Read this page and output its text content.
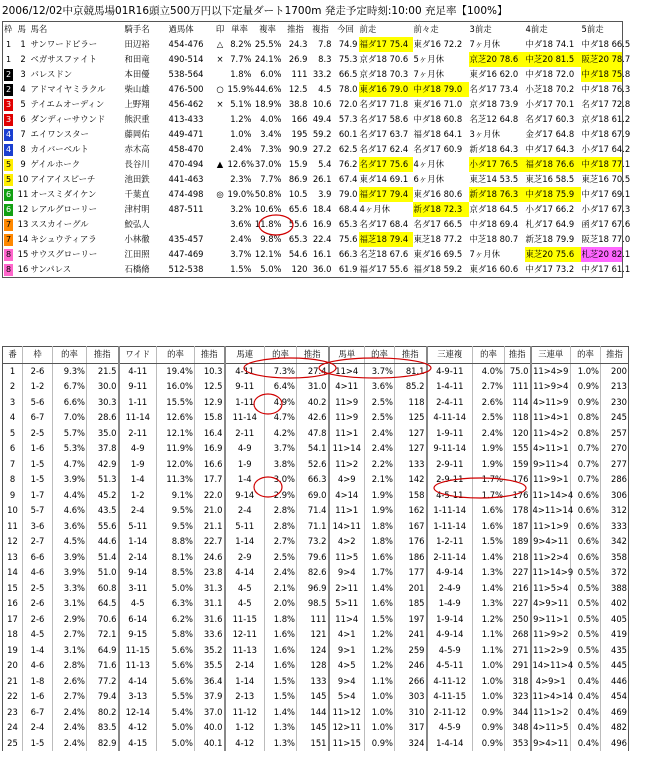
2006/12/02中京競馬場01R16頭立500万円以下定量ダート1700m 発走予定時刻:10:00 充足率【100%】
枠	馬	馬名	騎手名	過馬体	印	単率	複率	推指	複指	今回	前走	前々走	3前走	4前走	5前走
1	1	サンワードピラー	田辺裕	454-476	△	8.2%	25.5%	24.3	7.8	74.9	福ダ17 75.4	東ダ16 72.2	7ヶ月休	中ダ18 74.1	中ダ18 66.5
1	2	ベガサスファイト	和田竜	490-514	×	7.7%	24.1%	26.9	8.3	75.3	京ダ18 70.6	5ヶ月休	京芝20 78.6	中芝20 81.5	阪芝20 78.7
2	3	バレスドン	本田優	538-564		1.8%	6.0%	111	33.2	66.5	京ダ18 70.3	7ヶ月休	東ダ16 62.0	中ダ18 72.0	中ダ18 75.8
2	4	アドマイヤミラクル	柴山雄	476-500	○	15.9%	44.6%	12.5	4.5	78.0	東ダ16 79.0	中ダ18 79.0	名ダ17 73.4	小芝18 70.2	中ダ18 76.3
3	5	テイエムオーディン	上野翔	456-462	×	5.1%	18.9%	38.8	10.6	72.0	名ダ17 71.8	東ダ16 71.0	京ダ18 73.9	小ダ17 70.1	名ダ17 72.8
3	6	ダンディーサウンド	熊沢重	413-433		1.2%	4.0%	166	49.4	57.3	名ダ17 58.6	中ダ18 60.8	名芝12 64.8	名ダ17 60.3	京ダ18 61.2
4	7	エイワンスター	藤岡佑	449-471		1.0%	3.4%	195	59.2	60.1	名ダ17 63.7	福ダ18 64.1	3ヶ月休	金ダ17 64.8	中ダ18 67.9
4	8	カイバーベルト	赤木高	458-470		2.4%	7.3%	90.9	27.2	62.5	名ダ17 62.4	名ダ17 60.9	新ダ18 64.3	中ダ17 64.3	小ダ17 64.2
5	9	ゲイルホーク	長谷川	470-494	▲	12.6%	37.0%	15.9	5.4	76.2	名ダ17 75.6	4ヶ月休	小ダ17 76.5	福ダ18 76.6	中ダ18 77.1
5	10	アイアイスピーチ	池田鉄	441-463		2.3%	7.7%	86.9	26.1	67.4	東ダ14 69.1	6ヶ月休	東芝14 53.5	東芝16 58.5	東芝16 70.5
6	11	オースミダイケン	千葉直	474-498	◎	19.0%	50.8%	10.5	3.9	79.0	福ダ17 79.4	東ダ16 80.6	新ダ18 76.3	中ダ18 75.9	中ダ17 69.1
6	12	レアルグローリー	津村明	487-511		3.2%	10.6%	65.6	18.4	68.4	4ヶ月休	新ダ18 72.3	京ダ18 64.5	小ダ17 66.2	小ダ17 67.3
7	13	ススカイーグル	鮫弘人			3.6%	11.8%	55.6	16.9	65.3	名ダ17 68.4	名ダ17 66.5	中ダ18 69.4	札ダ17 64.9	函ダ17 67.6
7	14	キシュウティアラ	小林徹	435-457		2.4%	9.8%	65.3	22.4	75.6	福芝18 79.4	東芝18 77.2	中芝18 80.7	新芝18 79.9	阪芝18 77.0
8	15	サウスグローリー	江田照	447-469		3.7%	12.1%	54.6	16.1	66.3	名芝18 67.6	東ダ16 69.5	7ヶ月休	東芝20 75.6	札芝20 82.1
8	16	サンパレス	石橋脩	512-538		1.5%	5.0%	120	36.0	61.9	福ダ17 55.6	福ダ18 59.2	東ダ16 60.6	中ダ17 73.2	中ダ17 61.1
番	枠	的率	推指	ワイド	的率	推指	馬連	的率	推指	馬単	的率	推指	三連複	的率	推指	三連単	的率	推指
1	2-6	9.3%	21.5	4-11	19.4%	10.3	4-11	7.3%	27.4	11>4	3.7%	81.1	4-9-11	4.0%	75.0	11>4>9	1.0%	200
2	1-2	6.7%	30.0	9-11	16.0%	12.5	9-11	6.4%	31.0	4>11	3.6%	85.2	1-4-11	2.7%	111	11>9>4	0.9%	213
3	5-6	6.6%	30.3	1-11	15.5%	12.9	1-11	4.9%	40.2	11>9	2.5%	118	2-4-11	2.6%	114	4>11>9	0.9%	230
4	6-7	7.0%	28.6	11-14	12.6%	15.8	11-14	4.7%	42.6	11>9	2.5%	125	4-11-14	2.5%	118	11>4>1	0.8%	245
5	2-5	5.7%	35.0	2-11	12.1%	16.4	2-11	4.2%	47.8	11>1	2.4%	127	1-9-11	2.4%	120	11>4>2	0.8%	257
6	1-6	5.3%	37.8	4-9	11.9%	16.9	4-9	3.7%	54.1	11>14	2.4%	127	9-11-14	1.9%	155	4>11>1	0.7%	270
7	1-5	4.7%	42.9	1-9	12.0%	16.6	1-9	3.8%	52.6	11>2	2.2%	133	2-9-11	1.9%	159	9>11>4	0.7%	277
8	1-5	3.9%	51.3	1-4	11.3%	17.7	1-4	3.0%	66.3	4>9	2.1%	142	2-9-11	1.7%	176	11>9>1	0.7%	286
9	1-7	4.4%	45.2	1-2	9.1%	22.0	9-14	2.9%	69.0	4>14	1.9%	158	4-5-11	1.7%	176	11>14>4	0.6%	306
10	5-7	4.6%	43.5	2-4	9.5%	21.0	2-4	2.8%	71.4	11>1	1.9%	162	1-11-14	1.6%	178	4>11>14	0.6%	312
11	3-6	3.6%	55.6	5-11	9.5%	21.1	5-11	2.8%	71.1	14>11	1.8%	167	1-11-14	1.6%	187	11>1>9	0.6%	333
12	2-7	4.5%	44.6	1-14	8.8%	22.7	1-14	2.7%	73.2	4>2	1.8%	176	1-2-11	1.5%	189	9>4>11	0.6%	342
13	6-6	3.9%	51.4	2-14	8.1%	24.6	2-9	2.5%	79.6	11>5	1.6%	186	2-11-14	1.4%	218	11>2>4	0.6%	358
14	4-6	3.9%	51.0	9-14	8.5%	23.8	4-14	2.4%	82.6	9>4	1.7%	177	4-9-14	1.3%	227	11>14>9	0.5%	372
15	2-5	3.3%	60.8	3-11	5.0%	31.3	4-5	2.1%	96.9	2>11	1.4%	201	2-4-9	1.4%	216	11>5>4	0.5%	388
16	2-6	3.1%	64.5	4-5	6.3%	31.1	4-5	2.0%	98.5	5>11	1.6%	185	1-4-9	1.3%	227	4>9>11	0.5%	402
17	2-6	2.9%	70.6	6-14	6.2%	31.6	11-15	1.8%	111	11>4	1.5%	197	1-9-14	1.2%	250	9>11>1	0.5%	405
18	4-5	2.7%	72.1	9-15	5.8%	33.6	12-11	1.6%	121	4>1	1.2%	241	4-9-14	1.1%	268	11>9>2	0.5%	419
19	1-4	3.1%	64.9	11-15	5.6%	35.2	11-13	1.6%	124	9>1	1.2%	259	4-5-9	1.1%	271	11>2>9	0.5%	435
20	4-6	2.8%	71.6	11-13	5.6%	35.5	2-14	1.6%	128	4>5	1.2%	246	4-5-11	1.0%	291	14>11>4	0.5%	445
21	1-8	2.6%	77.2	4-14	5.6%	36.4	1-14	1.5%	133	9>4	1.1%	266	4-11-12	1.0%	318	4>9>1	0.4%	446
22	1-6	2.7%	79.4	3-13	5.5%	37.9	2-13	1.5%	145	5>4	1.0%	303	4-11-15	1.0%	323	11>4>14	0.4%	454
23	6-7	2.4%	80.2	12-14	5.4%	37.0	11-12	1.4%	144	11>12	1.0%	310	2-11-12	0.9%	344	11>1>2	0.4%	469
24	2-4	2.4%	83.5	4-12	5.0%	40.0	1-12	1.3%	145	12>11	1.0%	317	4-5-9	0.9%	348	4>11>5	0.4%	482
25	1-5	2.4%	82.9	4-15	5.0%	40.1	4-12	1.3%	151	11>15	0.9%	324	1-4-14	0.9%	353	9>4>11	0.4%	496
